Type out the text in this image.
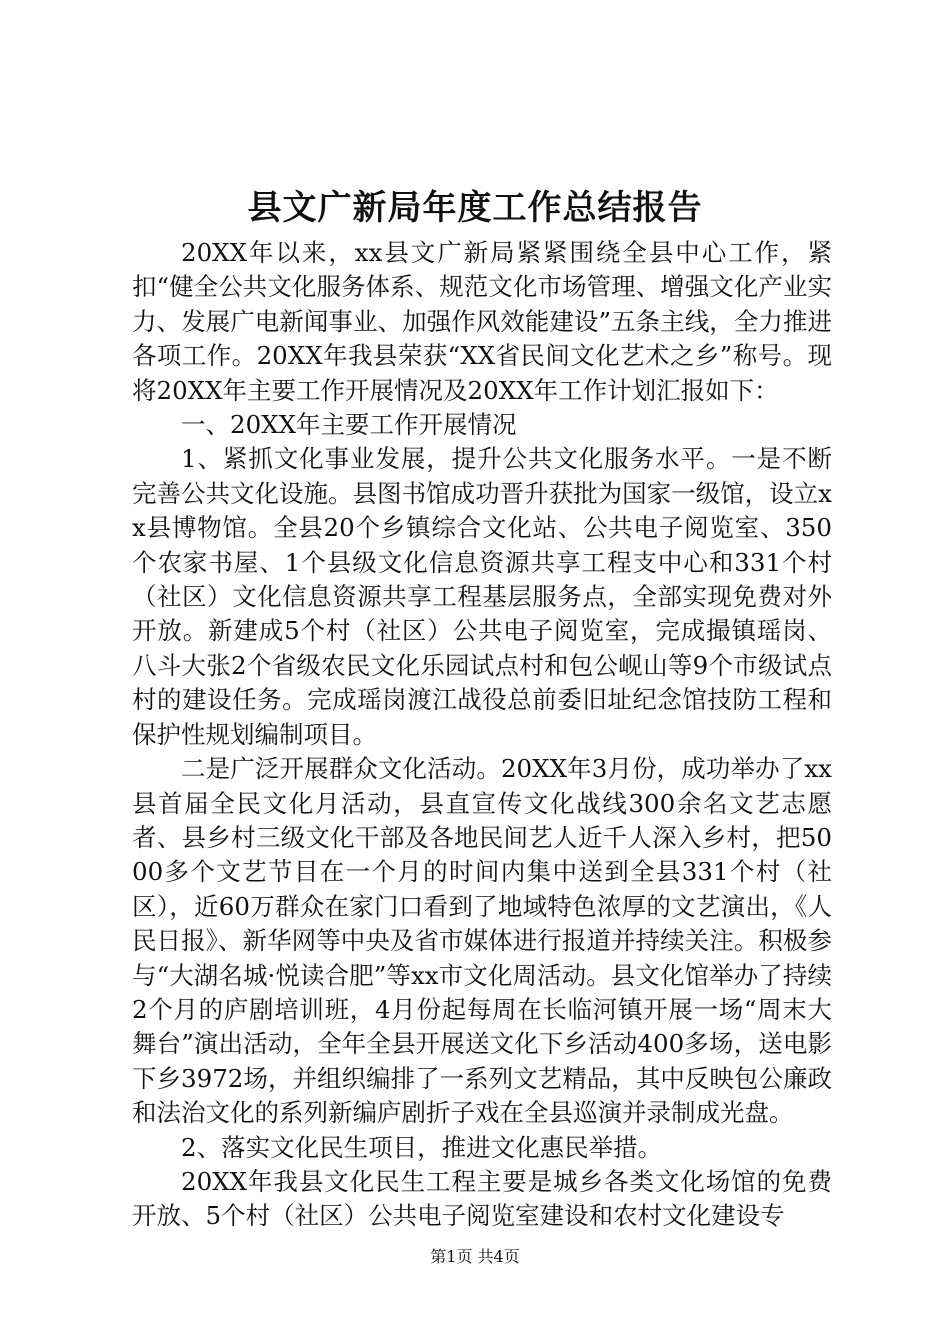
县文广新局年度工作总结报告

20XX年以来，xx县文广新局紧紧围绕全县中心工作，紧扣“健全公共文化服务体系、规范文化市场管理、增强文化产业实力、发展广电新闻事业、加强作风效能建设”五条主线，全力推进各项工作。20XX年我县荣获“XX省民间文化艺术之乡”称号。现将20XX年主要工作开展情况及20XX年工作计划汇报如下：

一、20XX年主要工作开展情况

1、紧抓文化事业发展，提升公共文化服务水平。一是不断完善公共文化设施。县图书馆成功晋升获批为国家一级馆，设立xx县博物馆。全县20个乡镇综合文化站、公共电子阅览室、350个农家书屋、1个县级文化信息资源共享工程支中心和331个村（社区）文化信息资源共享工程基层服务点，全部实现免费对外开放。新建成5个村（社区）公共电子阅览室，完成撮镇瑶岗、八斗大张2个省级农民文化乐园试点村和包公岘山等9个市级试点村的建设任务。完成瑶岗渡江战役总前委旧址纪念馆技防工程和保护性规划编制项目。

二是广泛开展群众文化活动。20XX年3月份，成功举办了xx县首届全民文化月活动，县直宣传文化战线300余名文艺志愿者、县乡村三级文化干部及各地民间艺人近千人深入乡村，把5000多个文艺节目在一个月的时间内集中送到全县331个村（社区），近60万群众在家门口看到了地域特色浓厚的文艺演出，《人民日报》、新华网等中央及省市媒体进行报道并持续关注。积极参与“大湖名城·悦读合肥”等xx市文化周活动。县文化馆举办了持续2个月的庐剧培训班，4月份起每周在长临河镇开展一场“周末大舞台”演出活动，全年全县开展送文化下乡活动400多场，送电影下乡3972场，并组织编排了一系列文艺精品，其中反映包公廉政和法治文化的系列新编庐剧折子戏在全县巡演并录制成光盘。

2、落实文化民生项目，推进文化惠民举措。

20XX年我县文化民生工程主要是城乡各类文化场馆的免费开放、5个村（社区）公共电子阅览室建设和农村文化建设专

第1页 共4页
